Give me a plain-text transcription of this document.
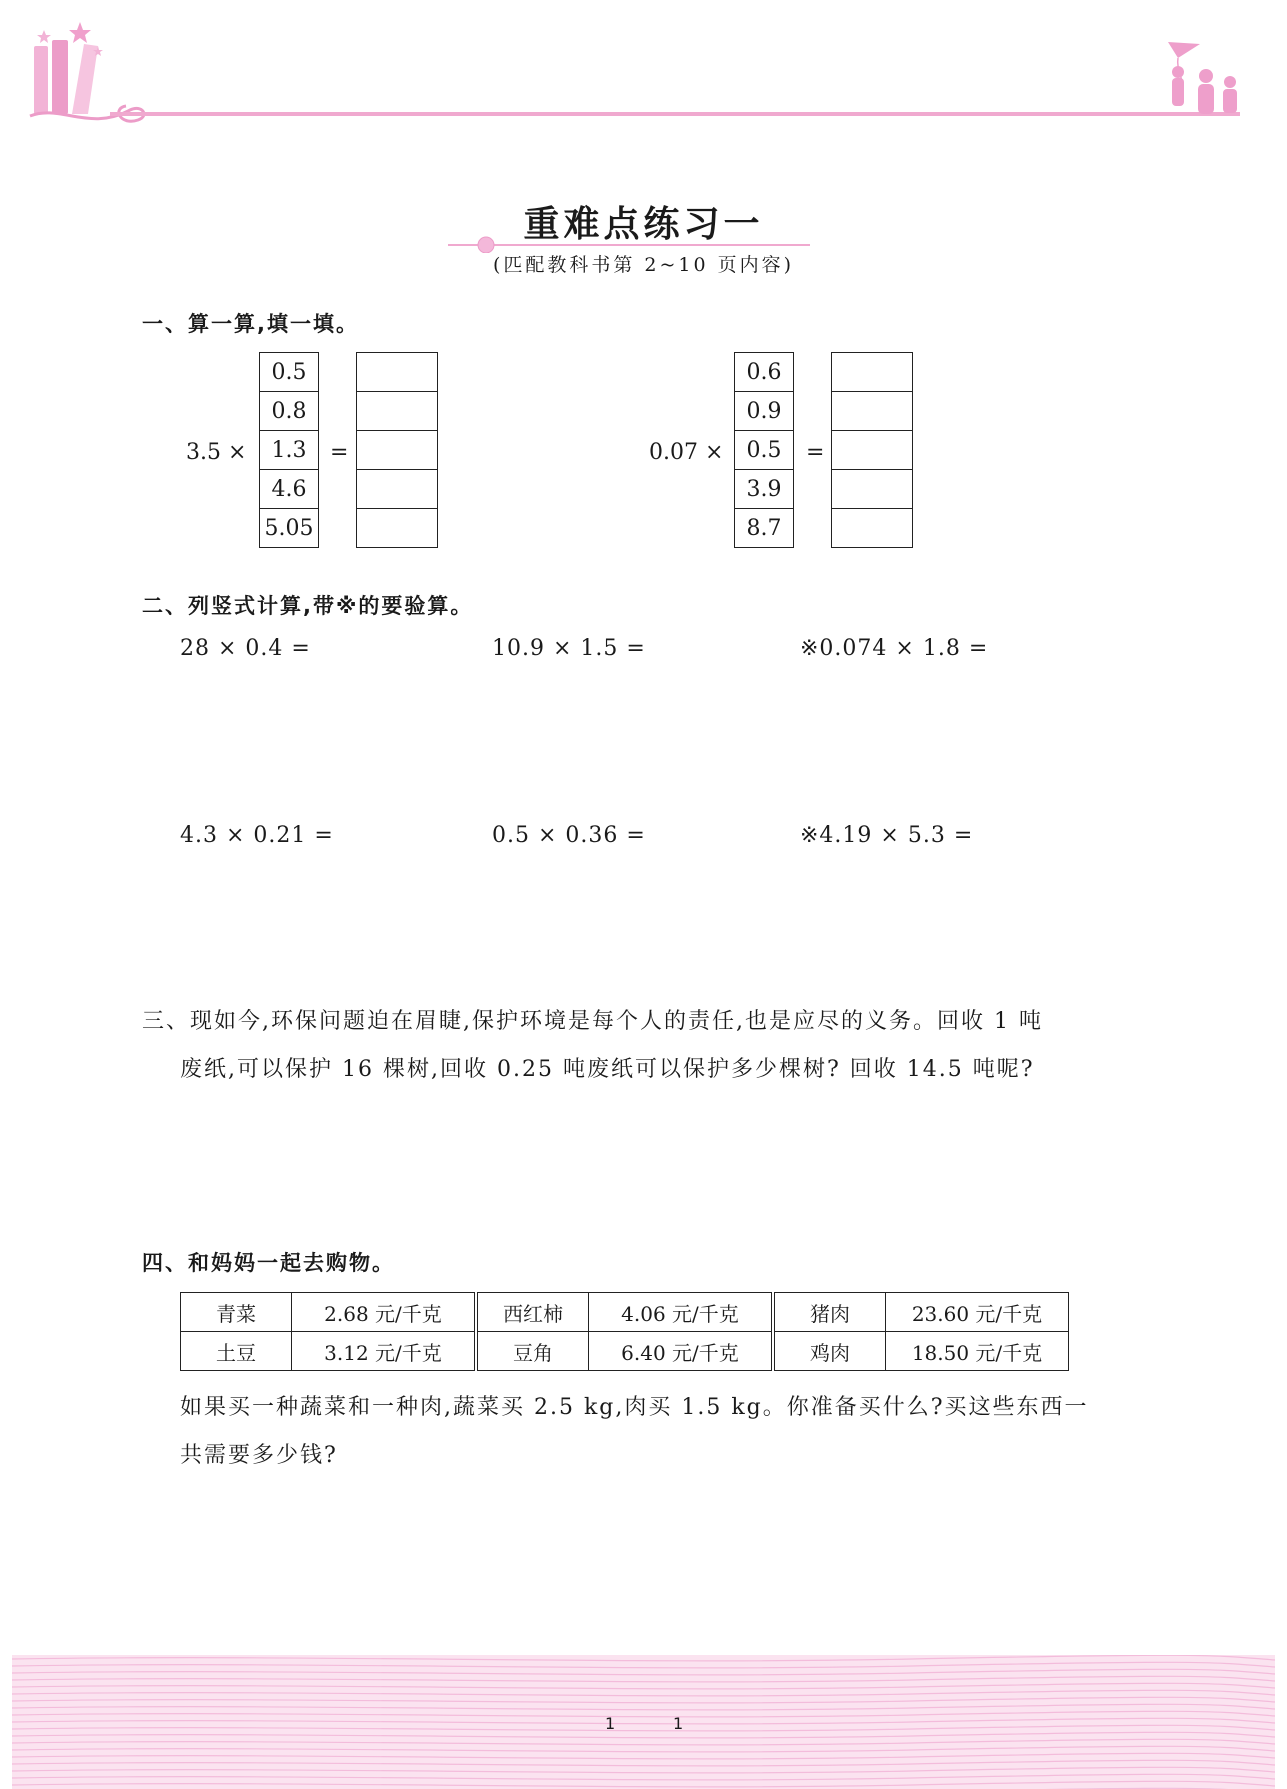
重难点练习一
(匹配教科书第 2~10 页内容)
一、算一算,填一填。
3.5 ×
0.5
0.8
1.3
4.6
5.05
=	0.07 ×
0.6
0.9
0.5
3.9
8.7
=

二、列竖式计算,带※的要验算。
28 × 0.4 =	10.9 × 1.5 =	※0.074 × 1.8 =
4.3 × 0.21 =	0.5 × 0.36 =	※4.19 × 5.3 =
三、现如今,环保问题迫在眉睫,保护环境是每个人的责任,也是应尽的义务。回收 1 吨
废纸,可以保护 16 棵树,回收 0.25 吨废纸可以保护多少棵树? 回收 14.5 吨呢?
四、和妈妈一起去购物。
青菜	2.68 元/千克	西红柿	4.06 元/千克	猪肉	23.60 元/千克
土豆	3.12 元/千克	豆角	6.40 元/千克	鸡肉	18.50 元/千克
如果买一种蔬菜和一种肉,蔬菜买 2.5 kg,肉买 1.5 kg。你准备买什么?买这些东西一
共需要多少钱?
1	1
